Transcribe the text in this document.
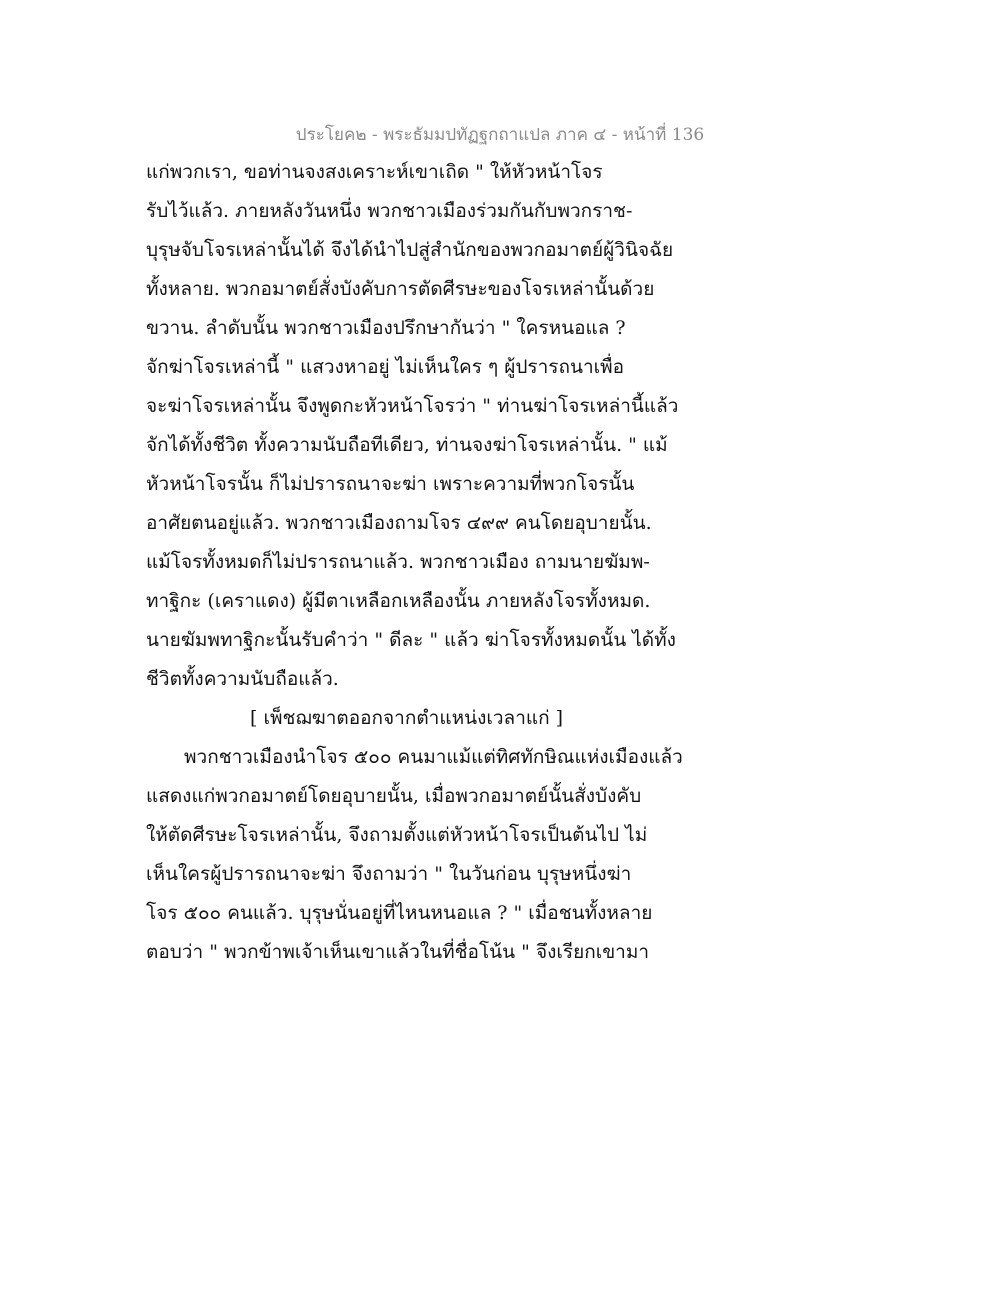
ประโยค๒ - พระธัมมปทัฏฐกถาแปล ภาค ๔ - หน้าที่ 136
แก่พวกเรา, ขอท่านจงสงเคราะห์เขาเถิด " ให้หัวหน้าโจร
รับไว้แล้ว. ภายหลังวันหนึ่ง พวกชาวเมืองร่วมกันกับพวกราช-
บุรุษจับโจรเหล่านั้นได้ จึงได้นำไปสู่สำนักของพวกอมาตย์ผู้วินิจฉัย
ทั้งหลาย. พวกอมาตย์สั่งบังคับการตัดศีรษะของโจรเหล่านั้นด้วย
ขวาน. ลำดับนั้น พวกชาวเมืองปรึกษากันว่า " ใครหนอแล ?
จักฆ่าโจรเหล่านี้ " แสวงหาอยู่ ไม่เห็นใคร ๆ ผู้ปรารถนาเพื่อ
จะฆ่าโจรเหล่านั้น จึงพูดกะหัวหน้าโจรว่า " ท่านฆ่าโจรเหล่านี้แล้ว
จักได้ทั้งชีวิต ทั้งความนับถือทีเดียว, ท่านจงฆ่าโจรเหล่านั้น. " แม้
หัวหน้าโจรนั้น ก็ไม่ปรารถนาจะฆ่า เพราะความที่พวกโจรนั้น
อาศัยตนอยู่แล้ว. พวกชาวเมืองถามโจร ๔๙๙ คนโดยอุบายนั้น.
แม้โจรทั้งหมดก็ไม่ปรารถนาแล้ว. พวกชาวเมือง ถามนายฆัมพ-
ทาฐิกะ (เคราแดง) ผู้มีตาเหลือกเหลืองนั้น ภายหลังโจรทั้งหมด.
นายฆัมพทาฐิกะนั้นรับคำว่า " ดีละ " แล้ว ฆ่าโจรทั้งหมดนั้น ได้ทั้ง
ชีวิตทั้งความนับถือแล้ว.
[ เพ็ชฌฆาตออกจากตำแหน่งเวลาแก่ ]
พวกชาวเมืองนำโจร ๕๐๐ คนมาแม้แต่ทิศทักษิณแห่งเมืองแล้ว
แสดงแก่พวกอมาตย์โดยอุบายนั้น, เมื่อพวกอมาตย์นั้นสั่งบังคับ
ให้ตัดศีรษะโจรเหล่านั้น, จึงถามตั้งแต่หัวหน้าโจรเป็นต้นไป ไม่
เห็นใครผู้ปรารถนาจะฆ่า จึงถามว่า " ในวันก่อน บุรุษหนึ่งฆ่า
โจร ๕๐๐ คนแล้ว. บุรุษนั่นอยู่ที่ไหนหนอแล ? " เมื่อชนทั้งหลาย
ตอบว่า " พวกข้าพเจ้าเห็นเขาแล้วในที่ชื่อโน้น " จึงเรียกเขามา
